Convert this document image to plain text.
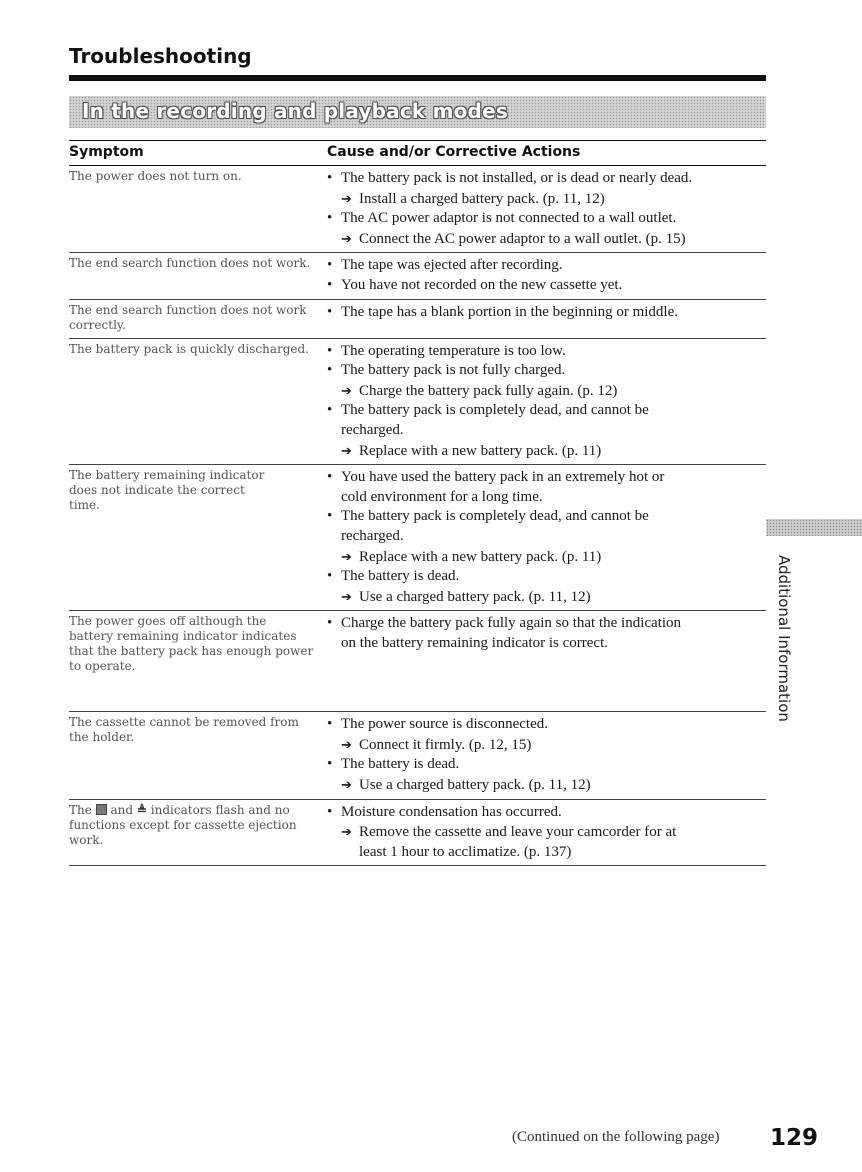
Troubleshooting
In the recording and playback modes
Symptom	Cause and/or Corrective Actions
The power does not turn on.	• The battery pack is not installed, or is dead or nearly dead.
➔ Install a charged battery pack. (p. 11, 12)
• The AC power adaptor is not connected to a wall outlet.
➔ Connect the AC power adaptor to a wall outlet. (p. 15)
The end search function does not work. • The tape was ejected after recording.
• You have not recorded on the new cassette yet.
The end search function does not work correctly.
• The tape has a blank portion in the beginning or middle.
The battery pack is quickly discharged.	• The operating temperature is too low.
• The battery pack is not fully charged.
➔ Charge the battery pack fully again. (p. 12)
• The battery pack is completely dead, and cannot be
recharged.
➔ Replace with a new battery pack. (p. 11)
The battery remaining indicator does not indicate the correct time.
• You have used the battery pack in an extremely hot or
cold environment for a long time.
• The battery pack is completely dead, and cannot be
recharged.
➔ Replace with a new battery pack. (p. 11)
• The battery is dead.
➔ Use a charged battery pack. (p. 11, 12)
The power goes off although the battery remaining indicator indicates that the battery pack has enough power to operate.
• Charge the battery pack fully again so that the indication
on the battery remaining indicator is correct.
The cassette cannot be removed from the holder.
• The power source is disconnected.
➔ Connect it firmly. (p. 12, 15)
• The battery is dead.
➔ Use a charged battery pack. (p. 11, 12)
The and ≜ indicators flash and no functions except for cassette ejection work.
• Moisture condensation has occurred.
➔ Remove the cassette and leave your camcorder for at
least 1 hour to acclimatize. (p. 137)
Additional Information
(Continued on the following page) 129
